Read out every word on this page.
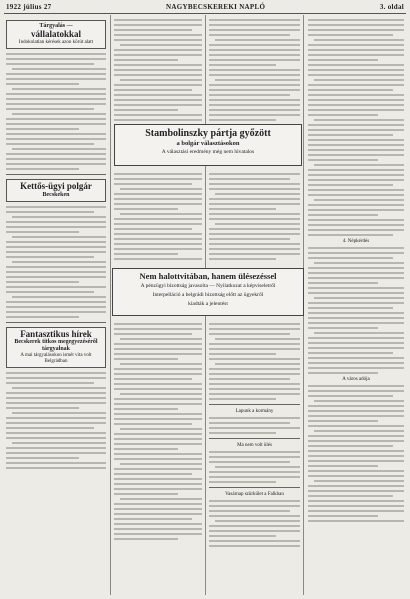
1922 július 27	NAGYBECSKEREKI NAPLÓ	3. oldal
Tárgyalás —
vállalatokkal
Indokolatlan kérések azon körút alatt
Kettős-ügyi polgár
Becskeken
Fantasztikus hírek
Becskerek titkos megegyezéséről tárgyalnak
A mai tárgyalásokon ismét vita volt Belgrádban
Stambolinszky pártja győzött
a bolgár választásokon
A választási eredmény még nem hivatalos
Nem halottvitában, hanem ülésezéssel
A pénzügyi bizottság javasolta — Nyilatkozat a képviseletről
Interpelláció a belgrádi bizottság előtt az ügyekről
kiadták a jelentést
Lapunk a kormány
Ma nem volt ülés
Vasárnap szürkület a Falkban
4. Népkérdés
A város adója
